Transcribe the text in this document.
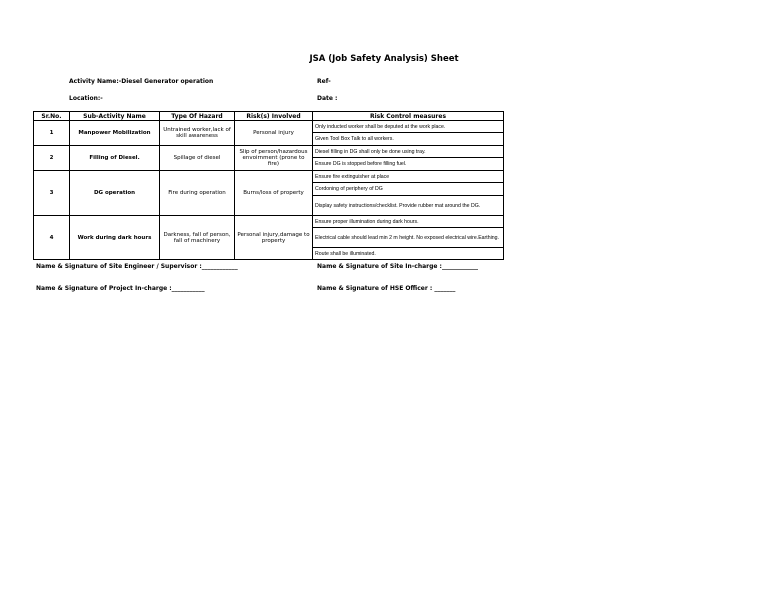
JSA (Job Safety Analysis) Sheet
Activity Name:-Diesel Generator operation	Ref-
Location:-	Date :
Sr.No.	Sub-Activity Name	Type Of Hazard	Risk(s) Involved	Risk Control measures
1	Manpower Mobilization	Untrained worker,lack of skill awareness	Personal injury	Only inducted worker shall be deputed at the work place.
				Given Tool Box Talk to all workers.
2	Filling of Diesel.	Spillage of diesel	Slip of person/hazardous envoirnment (prone to fire)	Diesel filling in DG shall only be done using tray.
				Ensure DG is stopped before filling fuel.
3	DG operation	Fire during operation	Burns/loss of property	Ensure fire extinguisher at place
				Cordoning of periphery of DG
				Display safety instructions/checklist. Provide rubber mat around the DG.
4	Work during dark hours	Darkness, fall of person, fall of machinery	Personal injury,damage to property	Ensure proper illumination during dark hours.
				Electrical cable should lead min 2 m height. No exposed electrical wire.Earthing.
				Route shall be illuminated.
Name & Signature of Site Engineer / Supervisor :____________	Name & Signature of Site In-charge :____________
Name & Signature of Project In-charge :___________	Name & Signature of HSE Officer : _______
